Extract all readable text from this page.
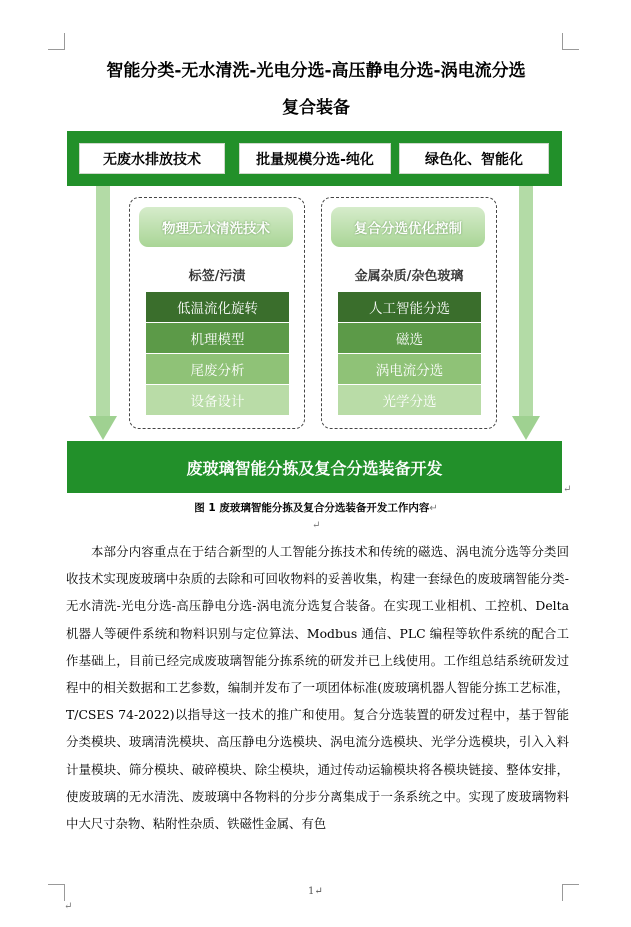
智能分类-无水清洗-光电分选-高压静电分选-涡电流分选
复合装备
无废水排放技术	批量规模分选-纯化	绿色化、智能化
物理无水清洗技术
标签/污渍
低温流化旋转
机理模型
尾废分析
设备设计
复合分选优化控制
金属杂质/杂色玻璃
人工智能分选
磁选
涡电流分选
光学分选
废玻璃智能分拣及复合分选装备开发
↵
图 1 废玻璃智能分拣及复合分选装备开发工作内容↵
↵

本部分内容重点在于结合新型的人工智能分拣技术和传统的磁选、涡电流分选等分类回收技术实现废玻璃中杂质的去除和可回收物料的妥善收集，构建一套绿色的废玻璃智能分类-无水清洗-光电分选-高压静电分选-涡电流分选复合装备。在实现工业相机、工控机、Delta 机器人等硬件系统和物料识别与定位算法、Modbus 通信、PLC 编程等软件系统的配合工作基础上，目前已经完成废玻璃智能分拣系统的研发并已上线使用。工作组总结系统研发过程中的相关数据和工艺参数，编制并发布了一项团体标准(废玻璃机器人智能分拣工艺标准，T/CSES 74-2022)以指导这一技术的推广和使用。复合分选装置的研发过程中，基于智能分类模块、玻璃清洗模块、高压静电分选模块、涡电流分选模块、光学分选模块，引入入料计量模块、筛分模块、破碎模块、除尘模块，通过传动运输模块将各模块链接、整体安排，使废玻璃的无水清洗、废玻璃中各物料的分步分离集成于一条系统之中。实现了废玻璃物料中大尺寸杂物、粘附性杂质、铁磁性金属、有色

1↵
↵
